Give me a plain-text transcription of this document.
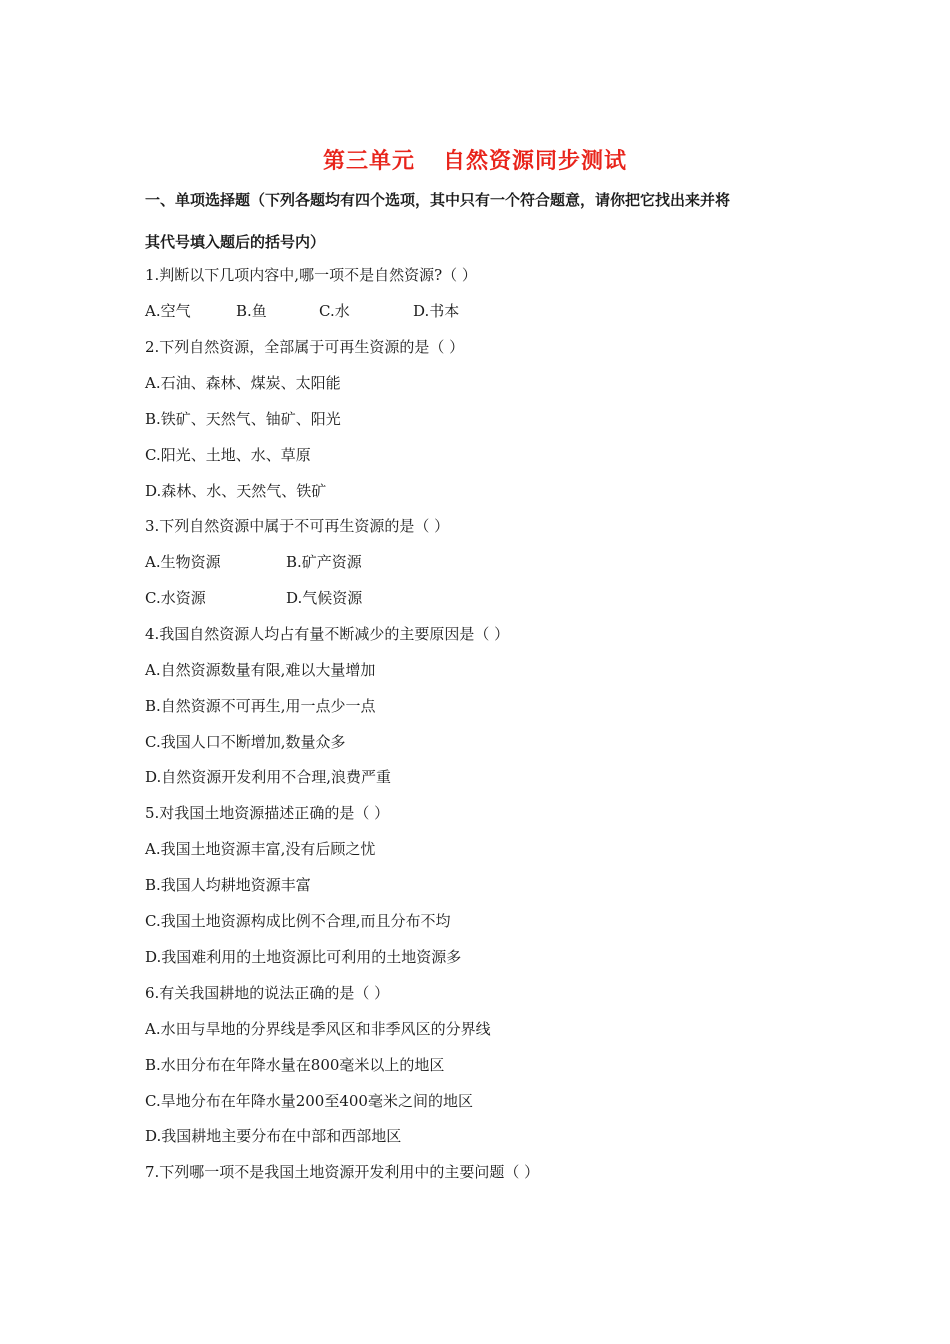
第三单元 自然资源同步测试
一、单项选择题（下列各题均有四个选项，其中只有一个符合题意，请你把它找出来并将
其代号填入题后的括号内）
1.判断以下几项内容中,哪一项不是自然资源?（ ）
A.空气	B.鱼	C.水	D.书本
2.下列自然资源，全部属于可再生资源的是（ ）
A.石油、森林、煤炭、太阳能
B.铁矿、天然气、铀矿、阳光
C.阳光、土地、水、草原
D.森林、水、天然气、铁矿
3.下列自然资源中属于不可再生资源的是（ ）
A.生物资源	B.矿产资源
C.水资源	D.气候资源
4.我国自然资源人均占有量不断减少的主要原因是（ ）
A.自然资源数量有限,难以大量增加
B.自然资源不可再生,用一点少一点
C.我国人口不断增加,数量众多
D.自然资源开发利用不合理,浪费严重
5.对我国土地资源描述正确的是（ ）
A.我国土地资源丰富,没有后顾之忧
B.我国人均耕地资源丰富
C.我国土地资源构成比例不合理,而且分布不均
D.我国难利用的土地资源比可利用的土地资源多
6.有关我国耕地的说法正确的是（ ）
A.水田与旱地的分界线是季风区和非季风区的分界线
B.水田分布在年降水量在800毫米以上的地区
C.旱地分布在年降水量200至400毫米之间的地区
D.我国耕地主要分布在中部和西部地区
7.下列哪一项不是我国土地资源开发利用中的主要问题（ ）
